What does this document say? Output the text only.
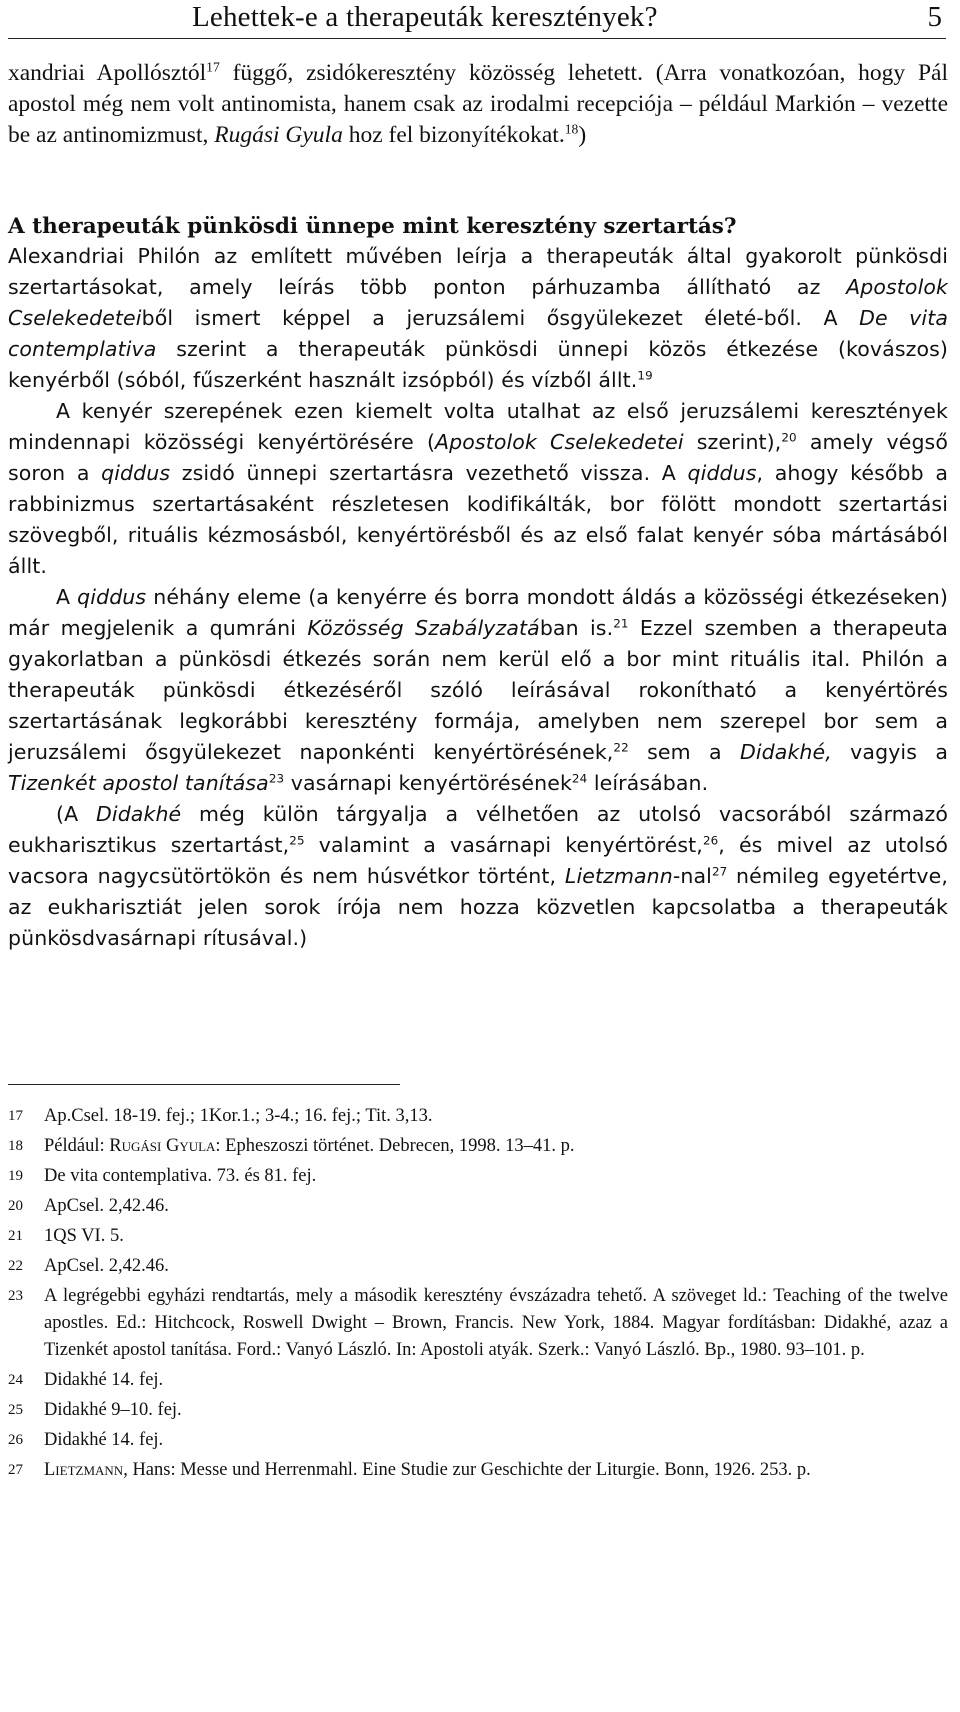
Lehettek-e a therapeuták keresztények?	5

xandriai Apollósztól$^{17}$ függő, zsidókeresztény közösség lehetett. (Arra vonatkozóan, hogy Pál apostol még nem volt antinomista, hanem csak az irodalmi recepciója – például Markión – vezette be az antinomizmust, Rugási Gyula hoz fel bizonyítékokat.$^{18}$)

A therapeuták pünkösdi ünnepe mint keresztény szertartás?

Alexandriai Philón az említett művében leírja a therapeuták által gyakorolt pünkösdi szertartásokat, amely leírás több ponton párhuzamba állítható az Apostolok Cselekedeteiből ismert képpel a jeruzsálemi ősgyülekezet életé-ből. A De vita contemplativa szerint a therapeuták pünkösdi ünnepi közös étkezése (kovászos) kenyérből (sóból, fűszerként használt izsópból) és vízből állt.$^{19}$

A kenyér szerepének ezen kiemelt volta utalhat az első jeruzsálemi keresztények mindennapi közösségi kenyértörésére (Apostolok Cselekedetei szerint),$^{20}$ amely végső soron a qiddus zsidó ünnepi szertartásra vezethető vissza. A qiddus, ahogy később a rabbinizmus szertartásaként részletesen kodifikálták, bor fölött mondott szertartási szövegből, rituális kézmosásból, kenyértörésből és az első falat kenyér sóba mártásából állt.

A qiddus néhány eleme (a kenyérre és borra mondott áldás a közösségi étkezéseken) már megjelenik a qumráni Közösség Szabályzatában is.$^{21}$ Ezzel szemben a therapeuta gyakorlatban a pünkösdi étkezés során nem kerül elő a bor mint rituális ital. Philón a therapeuták pünkösdi étkezéséről szóló leírásával rokonítható a kenyértörés szertartásának legkorábbi keresztény formája, amelyben nem szerepel bor sem a jeruzsálemi ősgyülekezet naponkénti kenyértörésének,$^{22}$ sem a Didakhé, vagyis a Tizenkét apostol tanítása$^{23}$ vasárnapi kenyértörésének$^{24}$ leírásában.

(A Didakhé még külön tárgyalja a vélhetően az utolsó vacsorából származó eukharisztikus szertartást,$^{25}$ valamint a vasárnapi kenyértörést,$^{26}$, és mivel az utolsó vacsora nagycsütörtökön és nem húsvétkor történt, Lietzmann-nal$^{27}$ némileg egyetértve, az eukharisztiát jelen sorok írója nem hozza közvetlen kapcsolatba a therapeuták pünkösdvasárnapi rítusával.)

17	Ap.Csel. 18-19. fej.; 1Kor.1.; 3-4.; 16. fej.; Tit. 3,13.
18	Például: Rugási Gyula: Epheszoszi történet. Debrecen, 1998. 13–41. p.
19	De vita contemplativa. 73. és 81. fej.
20	ApCsel. 2,42.46.
21	1QS VI. 5.
22	ApCsel. 2,42.46.
23	A legrégebbi egyházi rendtartás, mely a második keresztény évszázadra tehető. A szöveget ld.: Teaching of the twelve apostles. Ed.: Hitchcock, Roswell Dwight – Brown, Francis. New York, 1884. Magyar fordításban: Didakhé, azaz a Tizenkét apostol tanítása. Ford.: Vanyó László. In: Apostoli atyák. Szerk.: Vanyó László. Bp., 1980. 93–101. p.
24	Didakhé 14. fej.
25	Didakhé 9–10. fej.
26	Didakhé 14. fej.
27	Lietzmann, Hans: Messe und Herrenmahl. Eine Studie zur Geschichte der Liturgie. Bonn, 1926. 253. p.
